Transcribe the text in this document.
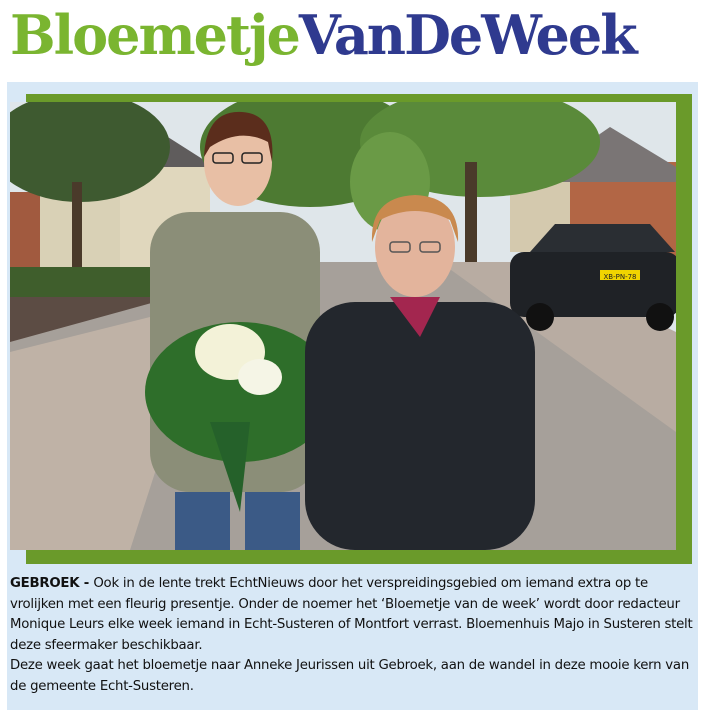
BloemetjeVanDeWeek
XB-PN-78

GEBROEK - Ook in de lente trekt EchtNieuws door het verspreidingsgebied om iemand extra op te vrolijken met een fleurig presentje. Onder de noemer het ‘Bloemetje van de week’ wordt door redacteur Monique Leurs elke week iemand in Echt-Susteren of Montfort verrast. Bloemenhuis Majo in Susteren stelt deze sfeermaker beschikbaar.

Deze week gaat het bloemetje naar Anneke Jeurissen uit Gebroek, aan de wandel in deze mooie kern van de gemeente Echt-Susteren.
